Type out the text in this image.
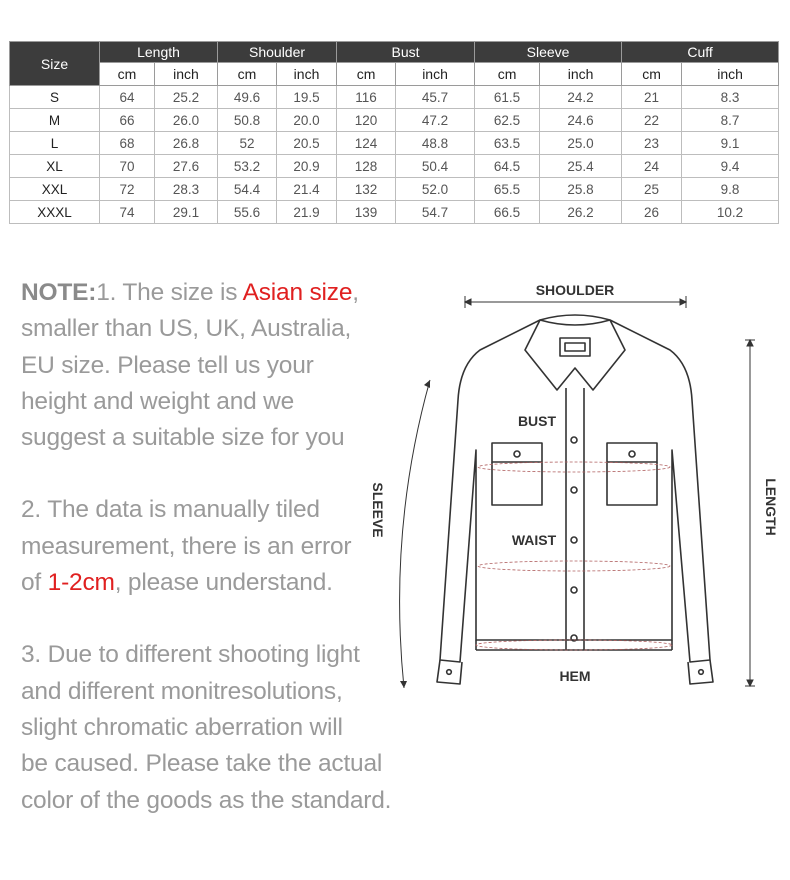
Size	Length		Shoulder		Bust		Sleeve		Cuff	
	cm	inch	cm	inch	cm	inch	cm	inch	cm	inch
S	64	25.2	49.6	19.5	116	45.7	61.5	24.2	21	8.3
M	66	26.0	50.8	20.0	120	47.2	62.5	24.6	22	8.7
L	68	26.8	52	20.5	124	48.8	63.5	25.0	23	9.1
XL	70	27.6	53.2	20.9	128	50.4	64.5	25.4	24	9.4
XXL	72	28.3	54.4	21.4	132	52.0	65.5	25.8	25	9.8
XXXL	74	29.1	55.6	21.9	139	54.7	66.5	26.2	26	10.2

NOTE:1. The size is Asian size,

smaller than US, UK, Australia,

EU size. Please tell us your

height and weight and we

suggest a suitable size for you

2. The data is manually tiled

measurement, there is an error

of 1-2cm, please understand.

3. Due to different shooting light

and different monitresolutions,

slight chromatic aberration will

be caused. Please take the actual

color of the goods as the standard.

SHOULDER
LENGTH
SLEEVE
BUST
WAIST
HEM
